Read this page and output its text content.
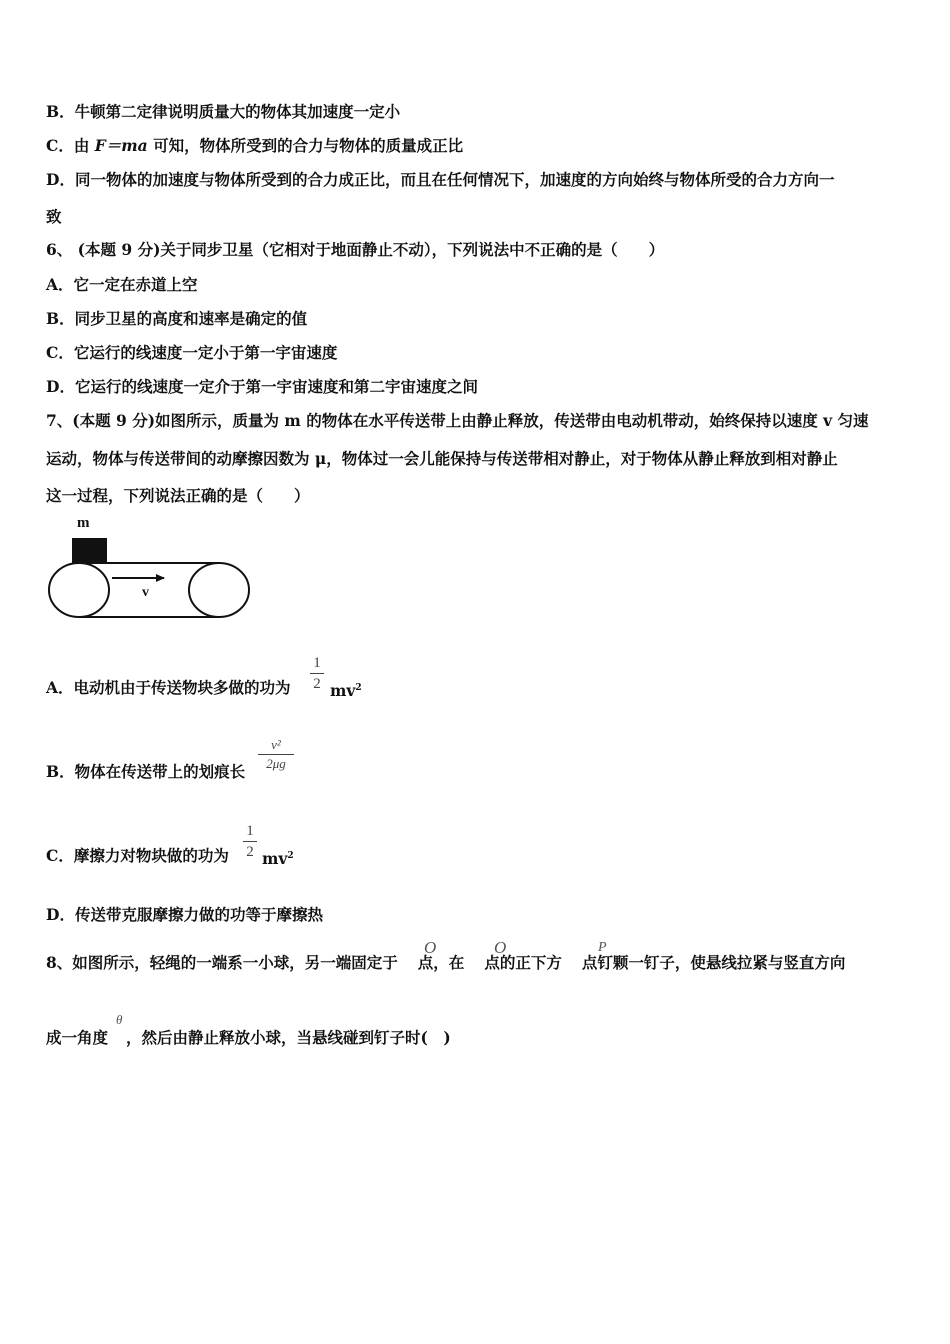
B．牛顿第二定律说明质量大的物体其加速度一定小
C．由 F＝ma 可知，物体所受到的合力与物体的质量成正比
D．同一物体的加速度与物体所受到的合力成正比，而且在任何情况下，加速度的方向始终与物体所受的合力方向一
致
6、 (本题 9 分)关于同步卫星（它相对于地面静止不动），下列说法中不正确的是（　　）
A．它一定在赤道上空
B．同步卫星的高度和速率是确定的值
C．它运行的线速度一定小于第一宇宙速度
D．它运行的线速度一定介于第一宇宙速度和第二宇宙速度之间
7、(本题 9 分)如图所示，质量为 m 的物体在水平传送带上由静止释放，传送带由电动机带动，始终保持以速度 v 匀速
运动，物体与传送带间的动摩擦因数为 μ，物体过一会儿能保持与传送带相对静止，对于物体从静止释放到相对静止
这一过程，下列说法正确的是（　　）
m
v
A．电动机由于传送物块多做的功为
1
2 $mv^2$
B．物体在传送带上的划痕长
v²
2μg
C．摩擦力对物块做的功为
1
2 $mv^2$
D．传送带克服摩擦力做的功等于摩擦热
8、如图所示，轻绳的一端系一小球，另一端固定于 点，在 点的正下方 点钉颗一钉子，使悬线拉紧与竖直方向
O	O	P
成一角度 ，然后由静止释放小球，当悬线碰到钉子时(　)
θ
